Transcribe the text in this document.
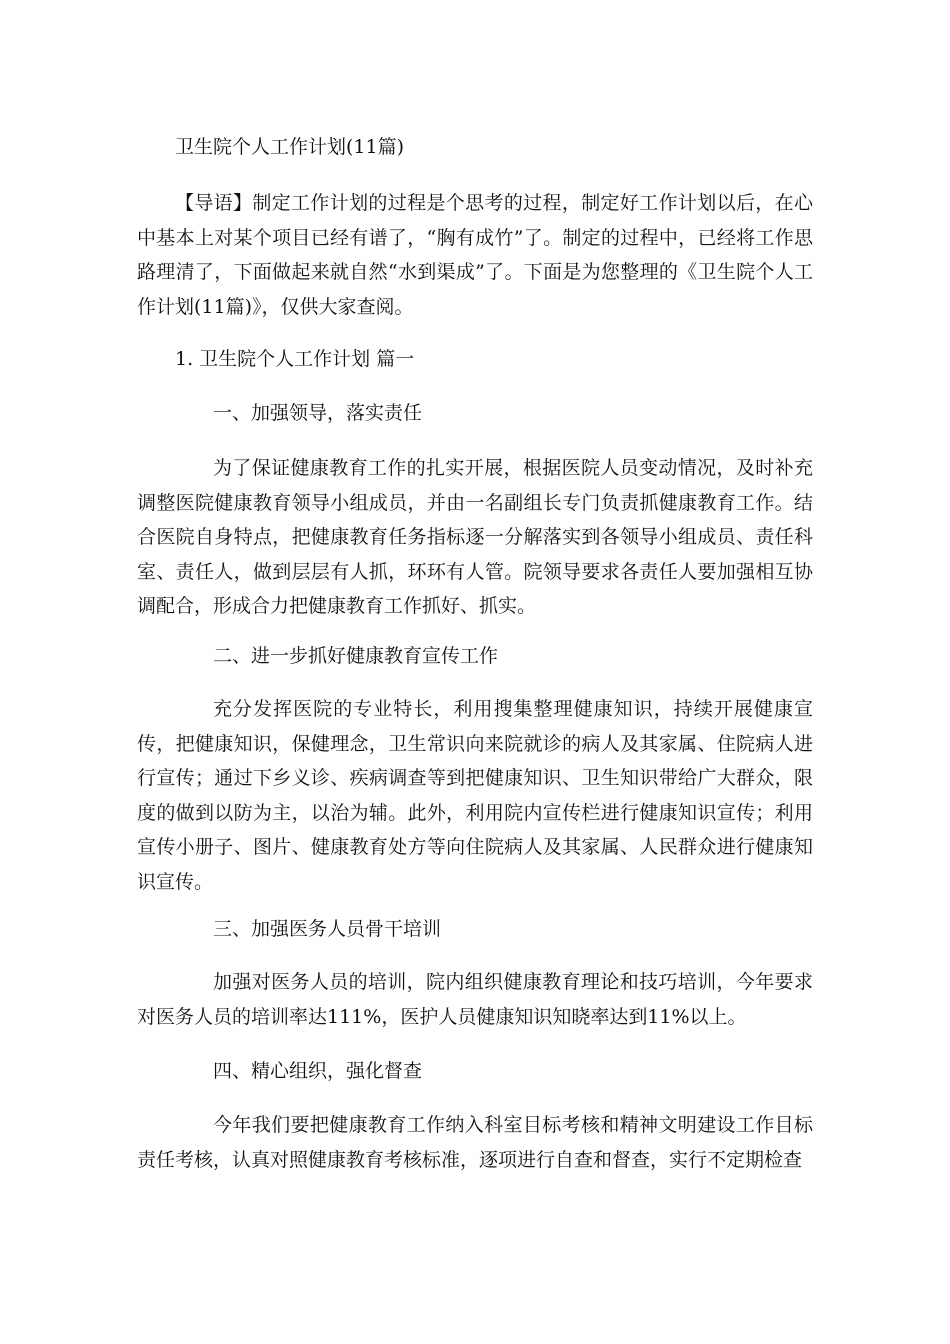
卫生院个人工作计划(11篇)
【导语】制定工作计划的过程是个思考的过程，制定好工作计划以后，在心中基本上对某个项目已经有谱了，“胸有成竹”了。制定的过程中，已经将工作思路理清了，下面做起来就自然“水到渠成”了。下面是为您整理的《卫生院个人工作计划(11篇)》，仅供大家查阅。
1. 卫生院个人工作计划 篇一
一、加强领导，落实责任
为了保证健康教育工作的扎实开展，根据医院人员变动情况，及时补充调整医院健康教育领导小组成员，并由一名副组长专门负责抓健康教育工作。结合医院自身特点，把健康教育任务指标逐一分解落实到各领导小组成员、责任科室、责任人，做到层层有人抓，环环有人管。院领导要求各责任人要加强相互协调配合，形成合力把健康教育工作抓好、抓实。
二、进一步抓好健康教育宣传工作
充分发挥医院的专业特长，利用搜集整理健康知识，持续开展健康宣传，把健康知识，保健理念，卫生常识向来院就诊的病人及其家属、住院病人进行宣传；通过下乡义诊、疾病调查等到把健康知识、卫生知识带给广大群众，限度的做到以防为主，以治为辅。此外，利用院内宣传栏进行健康知识宣传；利用宣传小册子、图片、健康教育处方等向住院病人及其家属、人民群众进行健康知识宣传。
三、加强医务人员骨干培训
加强对医务人员的培训，院内组织健康教育理论和技巧培训，今年要求对医务人员的培训率达111%，医护人员健康知识知晓率达到11%以上。
四、精心组织，强化督查
今年我们要把健康教育工作纳入科室目标考核和精神文明建设工作目标责任考核，认真对照健康教育考核标准，逐项进行自查和督查，实行不定期检查
